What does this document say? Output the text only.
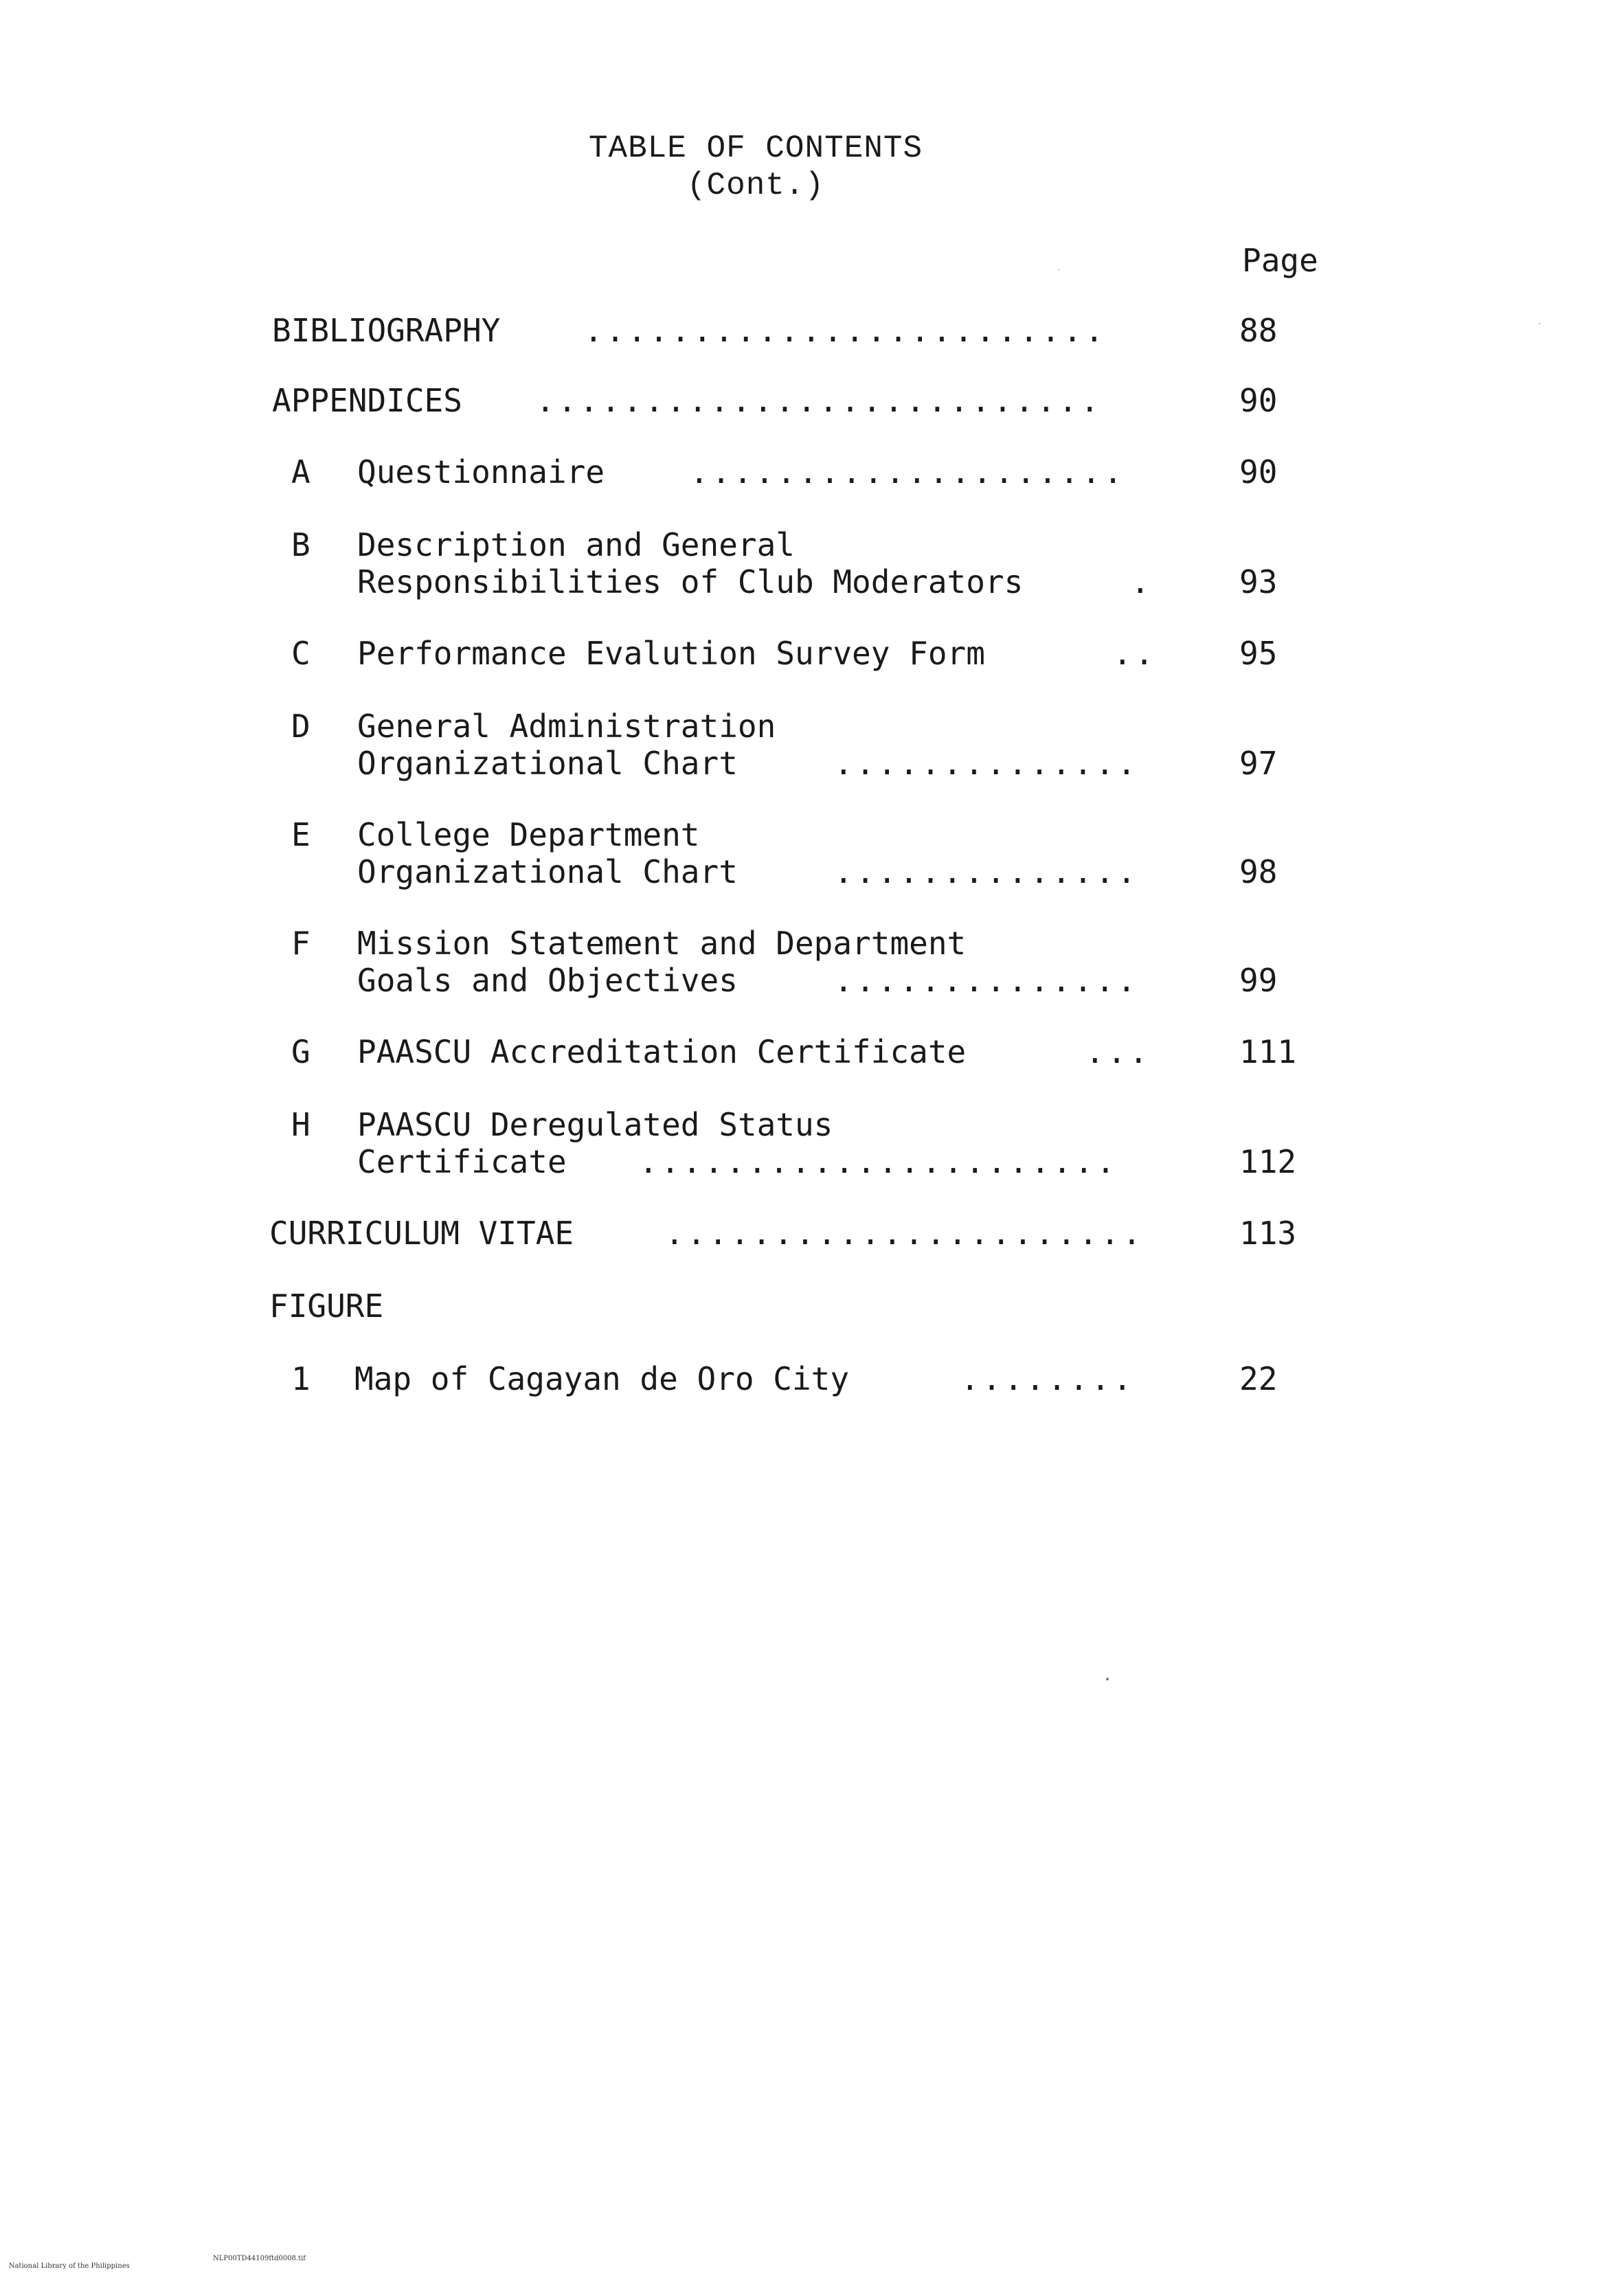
TABLE OF CONTENTS
(Cont.)
Page
BIBLIOGRAPHY	........................	88
APPENDICES ..........................	90
A Questionnaire	....................	90
B Description and General
Responsibilities of Club Moderators	.	93
C Performance Evalution Survey Form	..	95
D General Administration
Organizational Chart	..............	97
E College Department
Organizational Chart	..............	98
F Mission Statement and Department
Goals and Objectives	..............	99
G PAASCU Accreditation Certificate	...	111
H PAASCU Deregulated Status
Certificate ......................	112
CURRICULUM VITAE	......................	113
FIGURE
1 Map of Cagayan de Oro City	........	22

National Library of the Philippines

NLP00TD44109ftd0008.tif
